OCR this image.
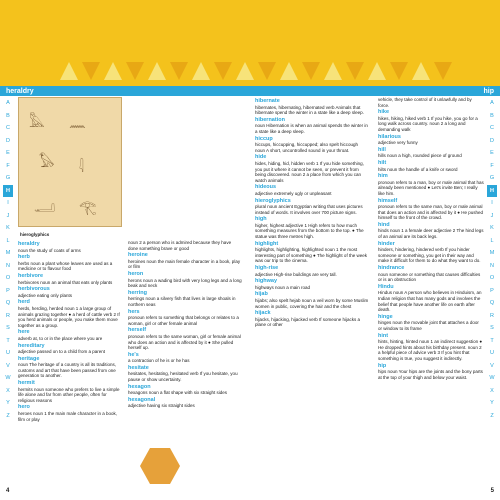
heraldry	hip
A
B
C
D
E
F
G
H
I
J
K
L
M
N
O
P
Q
R
S
T
U
V
W
X
Y
Z
A
B
C
D
E
F
G
H
I
J
K
L
M
N
O
P
Q
R
S
T
U
V
W
X
Y
Z
4	5
𓅓 𓈖
𓅃 𓇋
𓂝 𓂀
hieroglyphics
heraldry
noun the study of coats of arms
herb
herbs noun a plant whose leaves are used as a medicine or to flavour food
herbivore
herbivores noun an animal that eats only plants
herbivorous
adjective eating only plants
herd
herds, herding, herded noun 1 a large group of animals grazing together ● a herd of cattle verb 2 If you herd animals or people, you make them move together as a group.
here
adverb at, to or in the place where you are
hereditary
adjective passed on to a child from a parent
heritage
noun The heritage of a country is all its traditions, customs and art that have been passed from one generation to another.
hermit
hermits noun someone who prefers to live a simple life alone and far from other people, often for religious reasons
hero
heroes noun 1 the main male character in a book, film or play
noun 2 a person who is admired because they have done something brave or good
heroine
heroines noun the main female character in a book, play or film
heron
herons noun a wading bird with very long legs and a long beak and neck
herring
herrings noun a silvery fish that lives in large shoals in northern seas
hers
pronoun refers to something that belongs or relates to a woman, girl or other female animal
herself
pronoun refers to the same woman, girl or female animal who does an action and is affected by it ● She pulled herself up.
he's
a contraction of he is or he has
hesitate
hesitates, hesitating, hesitated verb If you hesitate, you pause or show uncertainty.
hexagon
hexagons noun a flat shape with six straight sides
hexagonal
adjective having six straight sides
hibernate
hibernates, hibernating, hibernated verb Animals that hibernate spend the winter in a state like a deep sleep.
hibernation
noun Hibernation is when an animal spends the winter in a state like a deep sleep.
hiccup
hiccups, hiccupping, hiccupped; also spelt hiccough noun A short, uncontrolled sound in your throat.
hide
hides, hiding, hid, hidden verb 1 If you hide something, you put it where it cannot be seen, or prevent it from being discovered. noun 2 a place from which you can watch animals
hideous
adjective extremely ugly or unpleasant
hieroglyphics
plural noun ancient Egyptian writing that uses pictures instead of words. It involves over 700 picture signs.
high
higher, highest adjective 1 High refers to how much something measures from the bottom to the top. ● The statue was three metres high.
highlight
highlights, highlighting, highlighted noun 1 the most interesting part of something ● The highlight of the week was our trip to the cinema.
high-rise
adjective High-rise buildings are very tall.
highway
highways noun a main road
hijab
hijabs; also spelt hejab noun a veil worn by some Muslim women in public, covering the hair and the chest
hijack
hijacks, hijacking, hijacked verb If someone hijacks a plane or other
vehicle, they take control of it unlawfully and by force.
hike
hikes, hiking, hiked verb 1 If you hike, you go for a long walk across country. noun 2 a long and demanding walk
hilarious
adjective very funny
hill
hills noun a high, rounded piece of ground
hilt
hilts noun the handle of a knife or sword
him
pronoun refers to a man, boy or male animal that has already been mentioned ● Let's invite Ben; I really like him.
himself
pronoun refers to the same man, boy or male animal that does an action and is affected by it ● He pushed himself to the front of the crowd.
hind
hinds noun 1 a female deer adjective 2 The hind legs of an animal are its back legs.
hinder
hinders, hindering, hindered verb If you hinder someone or something, you get in their way and make it difficult for them to do what they want to do.
hindrance
noun someone or something that causes difficulties or is an obstruction
Hindu
Hindus noun A person who believes in Hinduism, an Indian religion that has many gods and involves the belief that people have another life on earth after death.
hinge
hinges noun the movable joint that attaches a door or window to its frame
hint
hints, hinting, hinted noun 1 an indirect suggestion ● He dropped hints about his birthday present. noun 2 a helpful piece of advice verb 3 If you hint that something is true, you suggest it indirectly.
hip
hips noun Your hips are the joints and the bony parts at the top of your thigh and below your waist.
